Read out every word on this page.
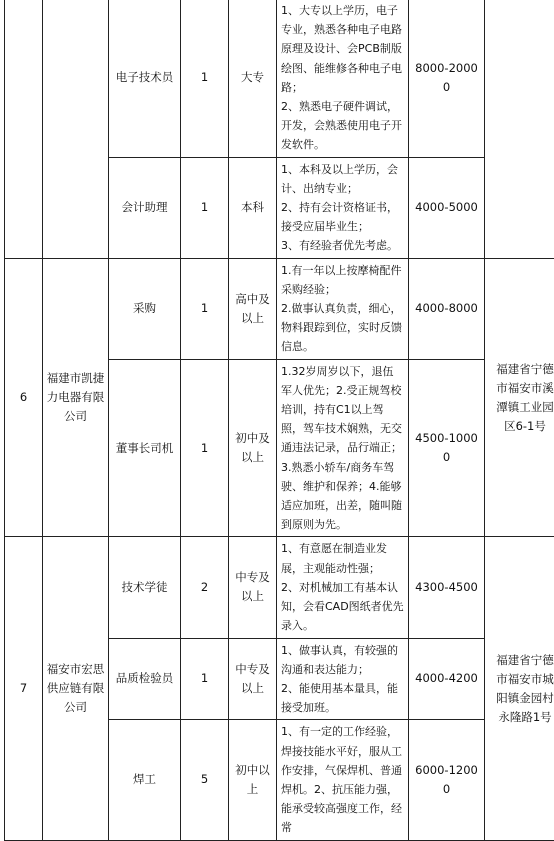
		电子技术员	1	大专	1、大专以上学历，电子专业，熟悉各种电子电路原理及设计、会PCB制版绘图、能维修各种电子电路；
2、熟悉电子硬件调试，开发，会熟悉使用电子开发软件。	8000-20000	
		会计助理	1	本科	1、本科及以上学历，会计、出纳专业；
2、持有会计资格证书，接受应届毕业生；
3、有经验者优先考虑。	4000-5000	
6	福建市凯捷力电器有限公司	采购	1	高中及以上	1.有一年以上按摩椅配件采购经验；
2.做事认真负责，细心，物料跟踪到位，实时反馈信息。	4000-8000	福建省宁德市福安市溪潭镇工业园区6-1号
		董事长司机	1	初中及以上	1.32岁周岁以下，退伍军人优先；2.受正规驾校培训，持有C1以上驾照，驾车技术娴熟，无交通违法记录，品行端正；3.熟悉小轿车/商务车驾驶、维护和保养；4.能够适应加班，出差，随叫随到原则为先。	4500-10000	
7	福安市宏思供应链有限公司	技术学徒	2	中专及以上	1、有意愿在制造业发展，主观能动性强；
2、对机械加工有基本认知，会看CAD图纸者优先录入。	4300-4500	福建省宁德市福安市城阳镇金园村永隆路1号
		品质检验员	1	中专及以上	1、做事认真，有较强的沟通和表达能力；
2、能使用基本量具，能接受加班。	4000-4200	
		焊工	5	初中以上	1、有一定的工作经验，焊接技能水平好，服从工作安排，气保焊机、普通焊机。2、抗压能力强，能承受较高强度工作，经常	6000-12000	
